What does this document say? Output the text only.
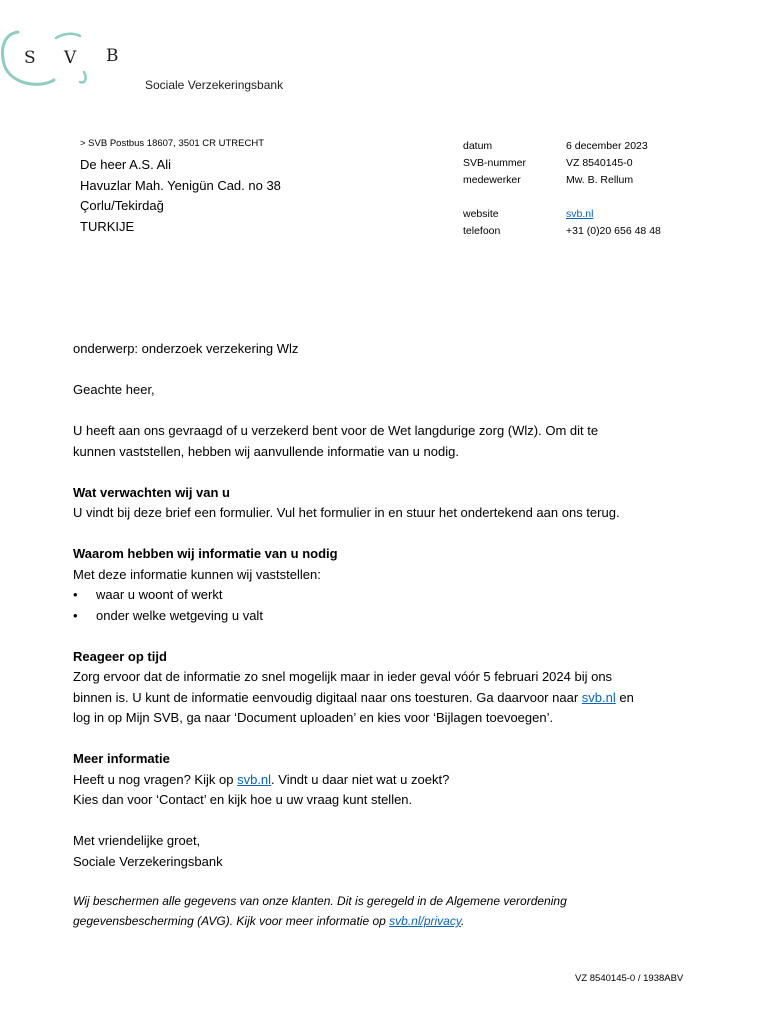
S V B
Sociale Verzekeringsbank
> SVB Postbus 18607, 3501 CR UTRECHT
De heer A.S. Ali
Havuzlar Mah. Yenigün Cad. no 38
Çorlu/Tekirdağ
TURKIJE
datum	6 december 2023
SVB-nummer	VZ 8540145-0
medewerker	Mw. B. Rellum
website	svb.nl
telefoon	+31 (0)20 656 48 48

onderwerp: onderzoek verzekering Wlz

Geachte heer,

U heeft aan ons gevraagd of u verzekerd bent voor de Wet langdurige zorg (Wlz). Om dit te

kunnen vaststellen, hebben wij aanvullende informatie van u nodig.

Wat verwachten wij van u

U vindt bij deze brief een formulier. Vul het formulier in en stuur het ondertekend aan ons terug.

Waarom hebben wij informatie van u nodig

Met deze informatie kunnen wij vaststellen:

• waar u woont of werkt
• onder welke wetgeving u valt

Reageer op tijd

Zorg ervoor dat de informatie zo snel mogelijk maar in ieder geval vóór 5 februari 2024 bij ons

binnen is. U kunt de informatie eenvoudig digitaal naar ons toesturen. Ga daarvoor naar svb.nl en

log in op Mijn SVB, ga naar ‘Document uploaden’ en kies voor ‘Bijlagen toevoegen’.

Meer informatie

Heeft u nog vragen? Kijk op svb.nl. Vindt u daar niet wat u zoekt?

Kies dan voor ‘Contact’ en kijk hoe u uw vraag kunt stellen.

Met vriendelijke groet,

Sociale Verzekeringsbank

Wij beschermen alle gegevens van onze klanten. Dit is geregeld in de Algemene verordening
gegevensbescherming (AVG). Kijk voor meer informatie op svb.nl/privacy.
VZ 8540145-0 / 1938ABV
